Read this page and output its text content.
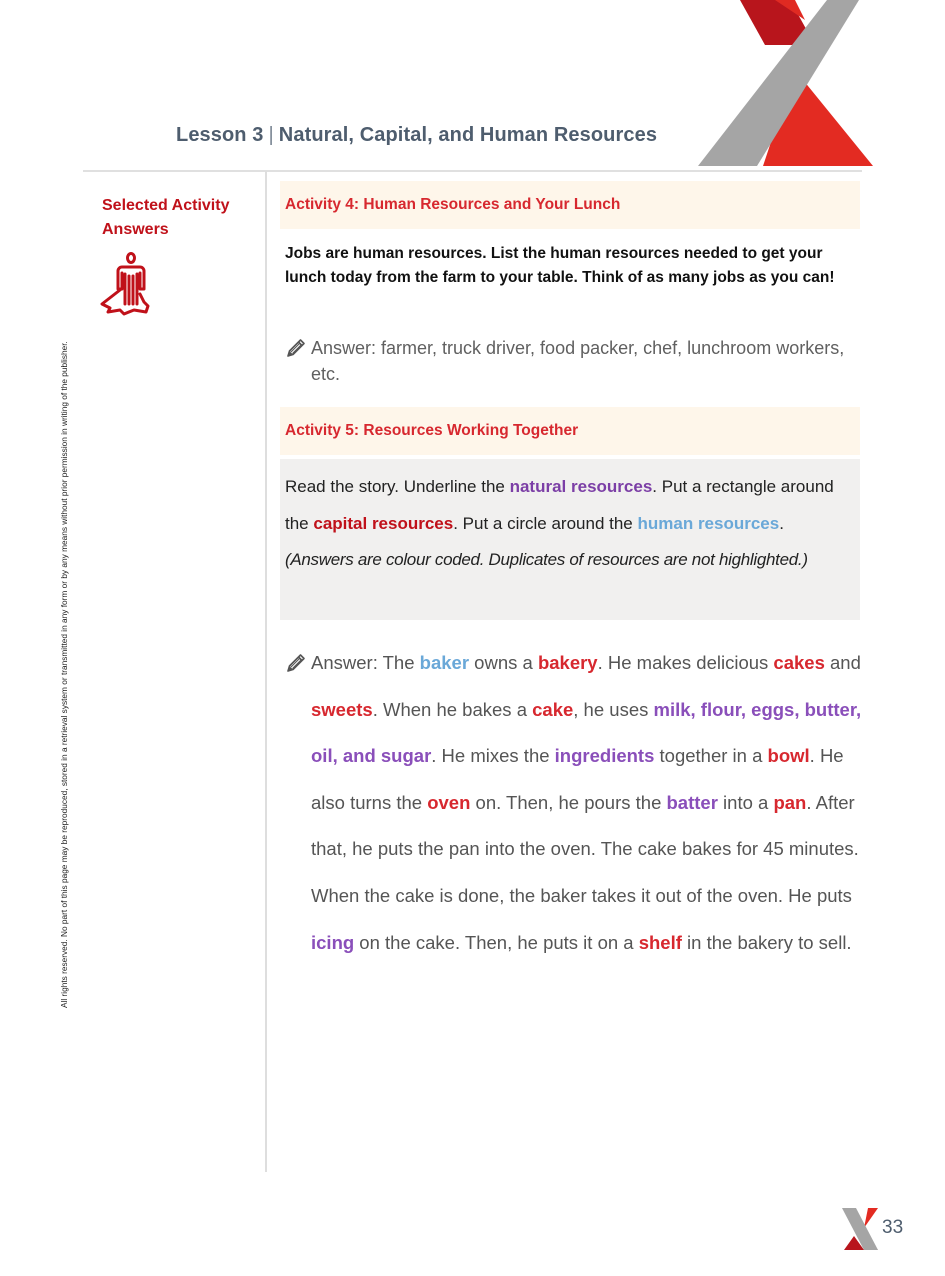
Lesson 3 | Natural, Capital, and Human Resources
All rights reserved. No part of this page may be reproduced, stored in a retrieval system or transmitted in any form or by any means without prior permission in writing of the publisher.
Selected Activity Answers
Activity 4: Human Resources and Your Lunch
Jobs are human resources. List the human resources needed to get your lunch today from the farm to your table. Think of as many jobs as you can!
Answer: farmer, truck driver, food packer, chef, lunchroom workers, etc.
Activity 5: Resources Working Together
Read the story. Underline the natural resources. Put a rectangle around the capital resources. Put a circle around the human resources. (Answers are colour coded. Duplicates of resources are not highlighted.)
Answer: The baker owns a bakery. He makes delicious cakes and sweets. When he bakes a cake, he uses milk, flour, eggs, butter, oil, and sugar. He mixes the ingredients together in a bowl. He also turns the oven on. Then, he pours the batter into a pan. After that, he puts the pan into the oven. The cake bakes for 45 minutes. When the cake is done, the baker takes it out of the oven. He puts icing on the cake. Then, he puts it on a shelf in the bakery to sell.
33
